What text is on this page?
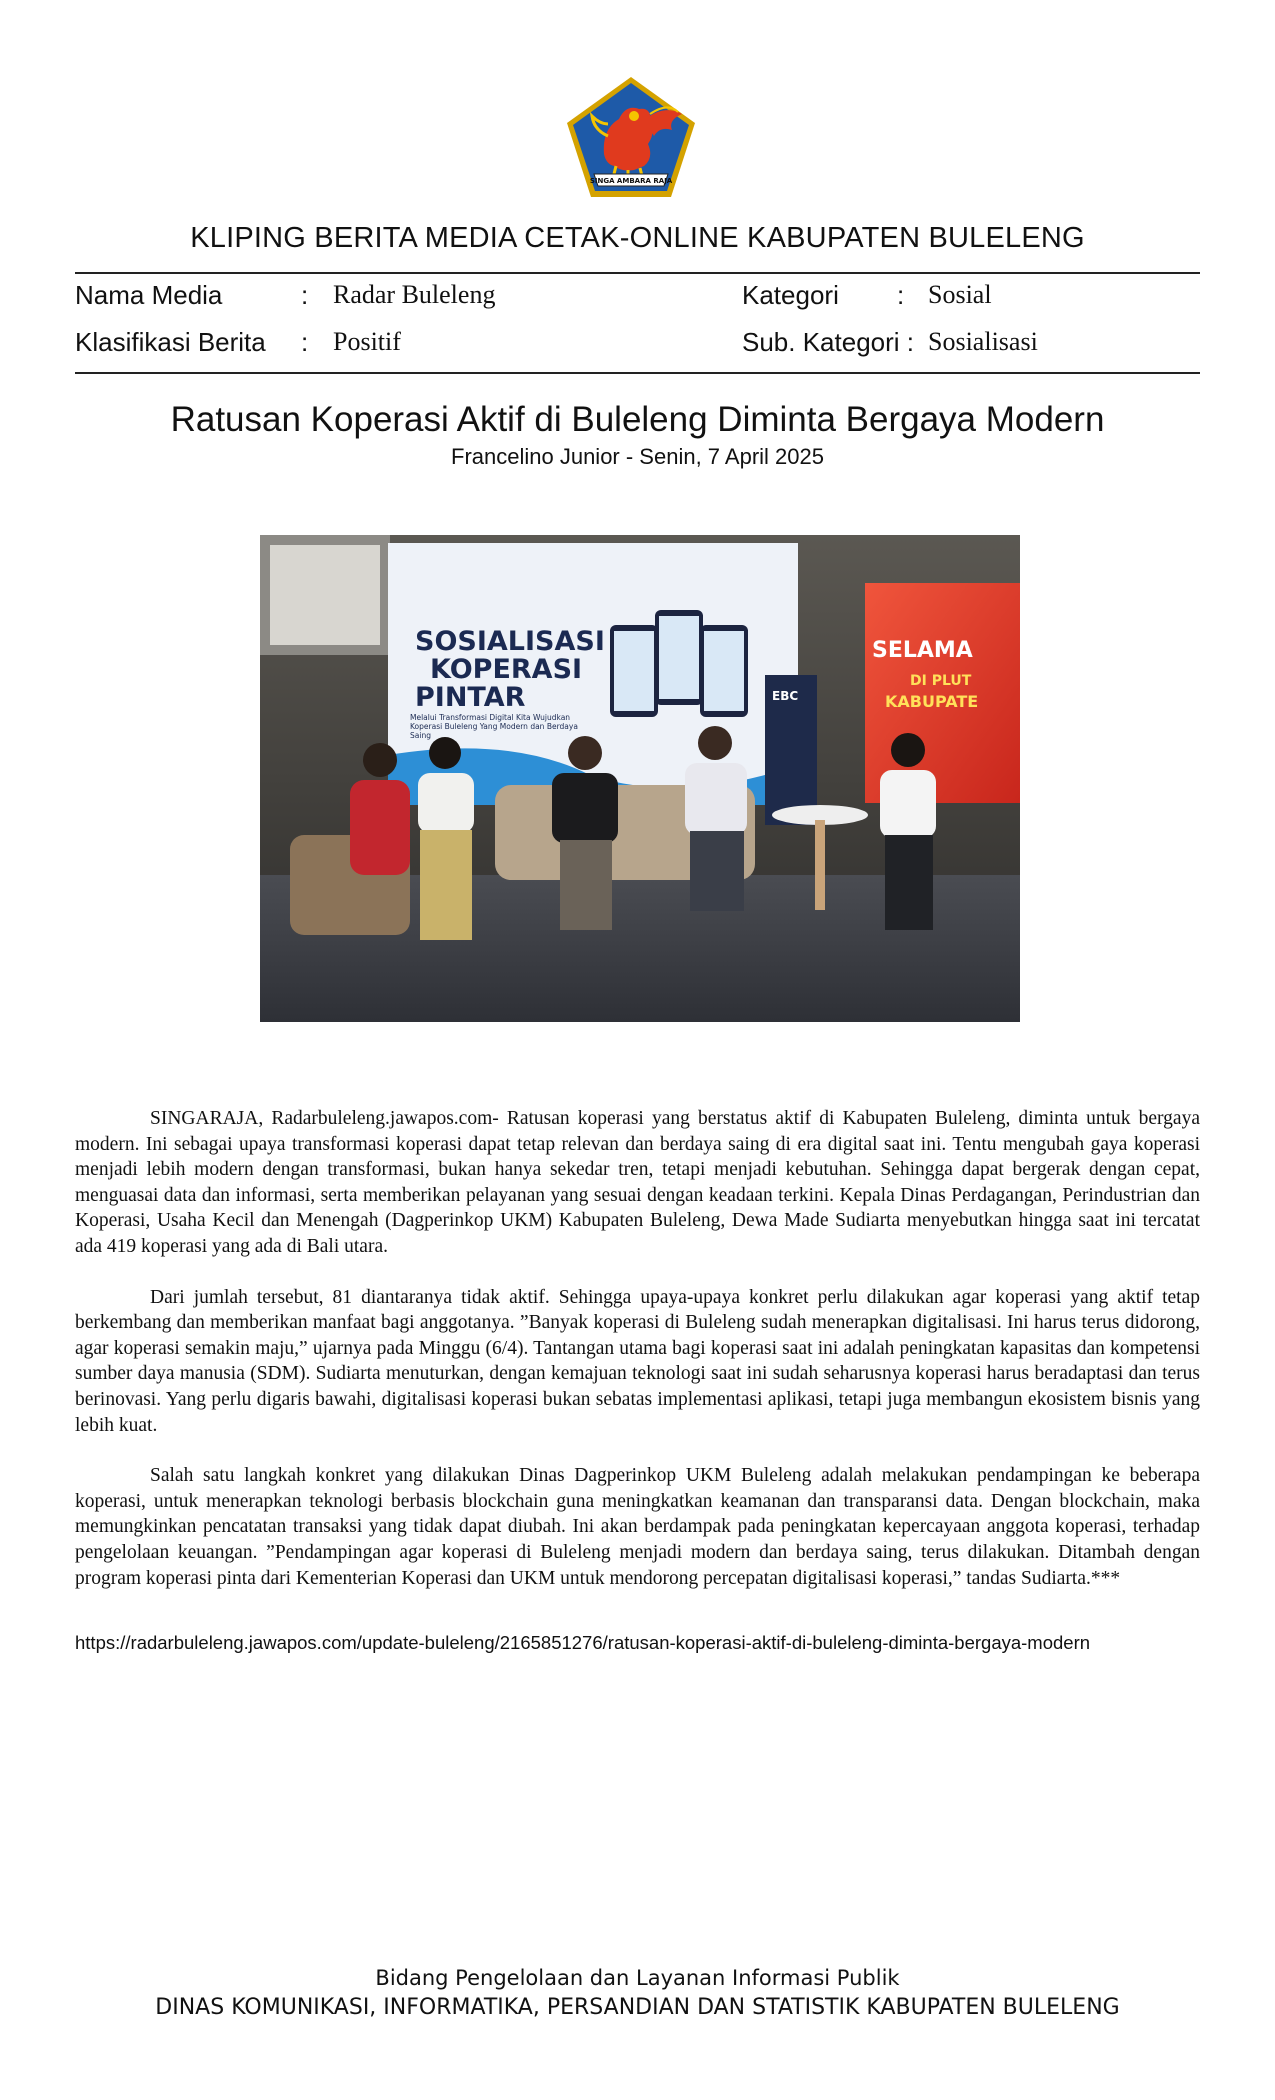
SINGA AMBARA RAJA
KLIPING BERITA MEDIA CETAK-ONLINE KABUPATEN BULELENG
Nama Media	: Radar Buleleng	Kategori : Sosial
Klasifikasi Berita : Positif	Sub. Kategori : Sosialisasi
Ratusan Koperasi Aktif di Buleleng Diminta Bergaya Modern
Francelino Junior - Senin, 7 April 2025
SOSIALISASI
KOPERASI
PINTAR
Melalui Transformasi Digital Kita Wujudkan Koperasi Buleleng Yang Modern dan Berdaya Saing
SELAMA
DI PLUT
KABUPATE
EBC

SINGARAJA, Radarbuleleng.jawapos.com- Ratusan koperasi yang berstatus aktif di Kabupaten Buleleng, diminta untuk bergaya modern. Ini sebagai upaya transformasi koperasi dapat tetap relevan dan berdaya saing di era digital saat ini. Tentu mengubah gaya koperasi menjadi lebih modern dengan transformasi, bukan hanya sekedar tren, tetapi menjadi kebutuhan. Sehingga dapat bergerak dengan cepat, menguasai data dan informasi, serta memberikan pelayanan yang sesuai dengan keadaan terkini. Kepala Dinas Perdagangan, Perindustrian dan Koperasi, Usaha Kecil dan Menengah (Dagperinkop UKM) Kabupaten Buleleng, Dewa Made Sudiarta menyebutkan hingga saat ini tercatat ada 419 koperasi yang ada di Bali utara.

Dari jumlah tersebut, 81 diantaranya tidak aktif. Sehingga upaya-upaya konkret perlu dilakukan agar koperasi yang aktif tetap berkembang dan memberikan manfaat bagi anggotanya. ”Banyak koperasi di Buleleng sudah menerapkan digitalisasi. Ini harus terus didorong, agar koperasi semakin maju,” ujarnya pada Minggu (6/4). Tantangan utama bagi koperasi saat ini adalah peningkatan kapasitas dan kompetensi sumber daya manusia (SDM). Sudiarta menuturkan, dengan kemajuan teknologi saat ini sudah seharusnya koperasi harus beradaptasi dan terus berinovasi. Yang perlu digaris bawahi, digitalisasi koperasi bukan sebatas implementasi aplikasi, tetapi juga membangun ekosistem bisnis yang lebih kuat.

Salah satu langkah konkret yang dilakukan Dinas Dagperinkop UKM Buleleng adalah melakukan pendampingan ke beberapa koperasi, untuk menerapkan teknologi berbasis blockchain guna meningkatkan keamanan dan transparansi data. Dengan blockchain, maka memungkinkan pencatatan transaksi yang tidak dapat diubah. Ini akan berdampak pada peningkatan kepercayaan anggota koperasi, terhadap pengelolaan keuangan. ”Pendampingan agar koperasi di Buleleng menjadi modern dan berdaya saing, terus dilakukan. Ditambah dengan program koperasi pinta dari Kementerian Koperasi dan UKM untuk mendorong percepatan digitalisasi koperasi,” tandas Sudiarta.***

https://radarbuleleng.jawapos.com/update-buleleng/2165851276/ratusan-koperasi-aktif-di-buleleng-diminta-bergaya-modern
Bidang Pengelolaan dan Layanan Informasi Publik
DINAS KOMUNIKASI, INFORMATIKA, PERSANDIAN DAN STATISTIK KABUPATEN BULELENG
